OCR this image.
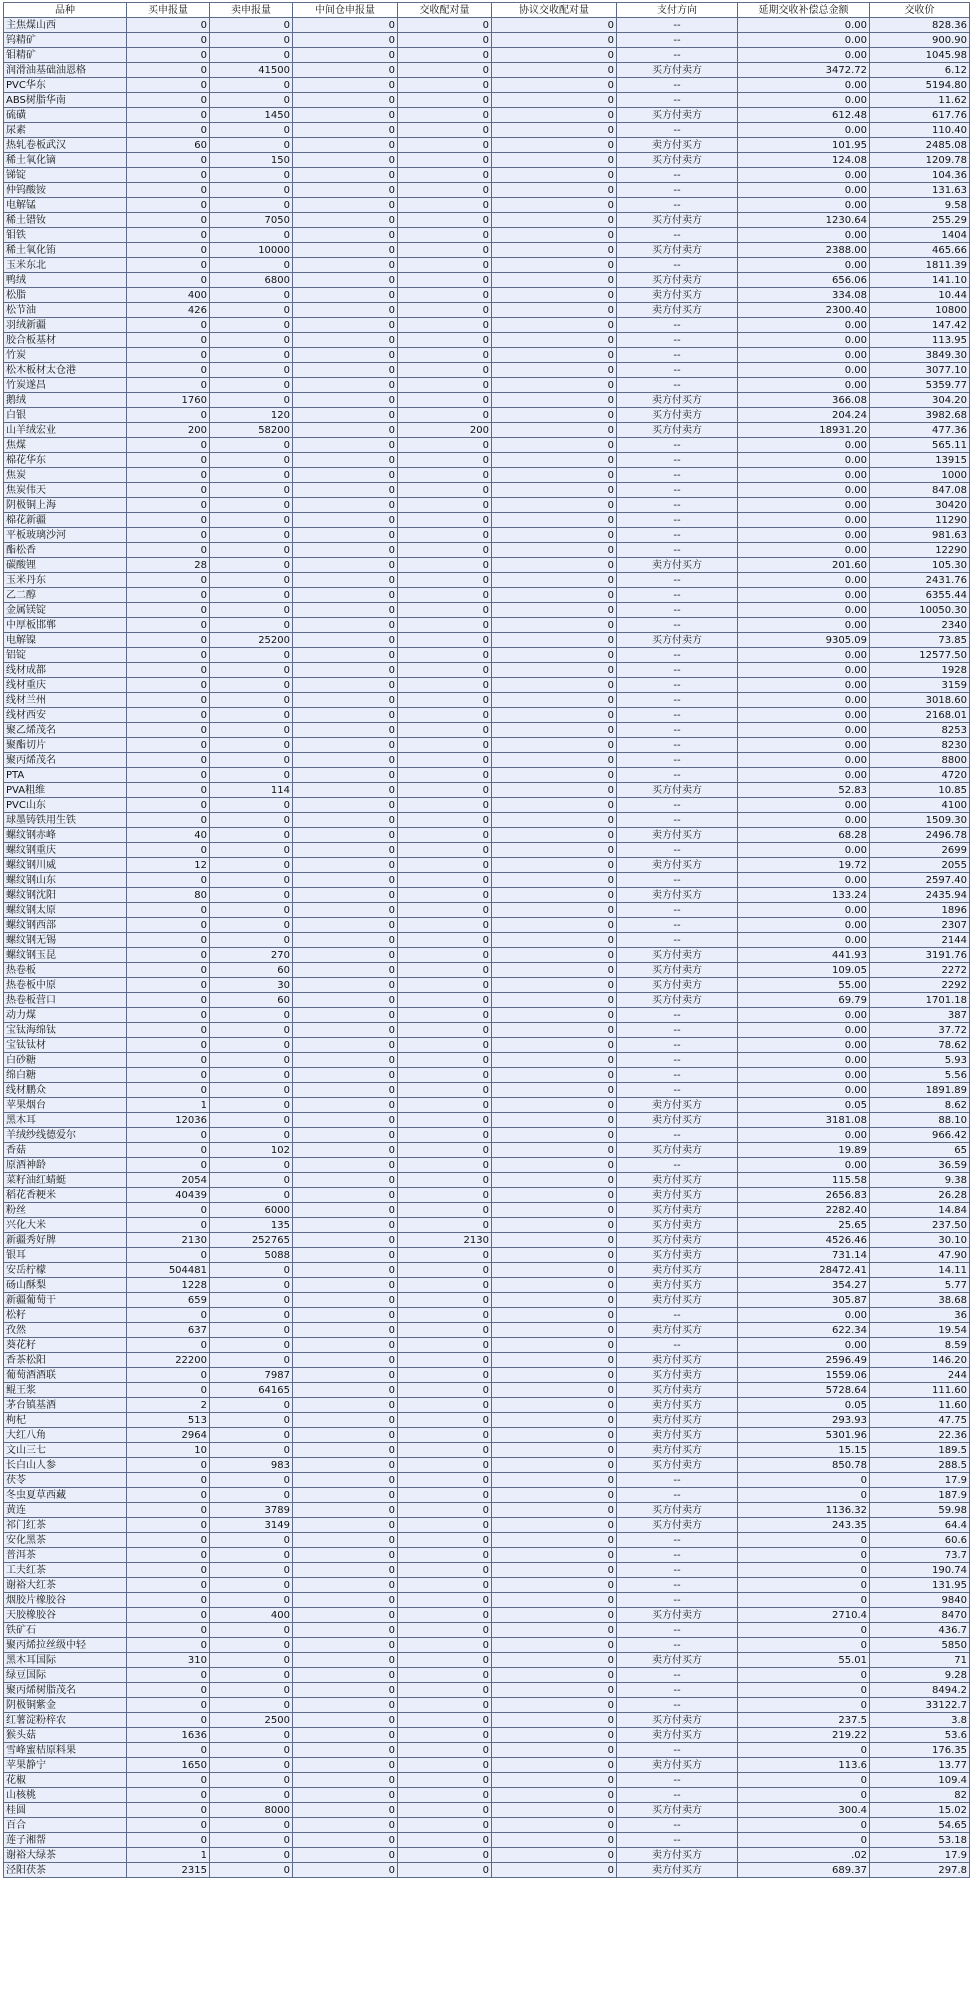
品种	买申报量	卖申报量	中间仓申报量	交收配对量	协议交收配对量	支付方向	延期交收补偿总金额	交收价
主焦煤山西	0	0	0	0	0	--	0.00	828.36
钨精矿	0	0	0	0	0	--	0.00	900.90
钼精矿	0	0	0	0	0	--	0.00	1045.98
润滑油基础油恩格	0	41500	0	0	0	买方付卖方	3472.72	6.12
PVC华东	0	0	0	0	0	--	0.00	5194.80
ABS树脂华南	0	0	0	0	0	--	0.00	11.62
硫磺	0	1450	0	0	0	买方付卖方	612.48	617.76
尿素	0	0	0	0	0	--	0.00	110.40
热轧卷板武汉	60	0	0	0	0	卖方付买方	101.95	2485.08
稀土氧化镝	0	150	0	0	0	买方付卖方	124.08	1209.78
锑锭	0	0	0	0	0	--	0.00	104.36
仲钨酸铵	0	0	0	0	0	--	0.00	131.63
电解锰	0	0	0	0	0	--	0.00	9.58
稀土镨钕	0	7050	0	0	0	买方付卖方	1230.64	255.29
钼铁	0	0	0	0	0	--	0.00	1404
稀土氧化铕	0	10000	0	0	0	买方付卖方	2388.00	465.66
玉米东北	0	0	0	0	0	--	0.00	1811.39
鸭绒	0	6800	0	0	0	买方付卖方	656.06	141.10
松脂	400	0	0	0	0	卖方付买方	334.08	10.44
松节油	426	0	0	0	0	卖方付买方	2300.40	10800
羽绒新疆	0	0	0	0	0	--	0.00	147.42
胶合板基材	0	0	0	0	0	--	0.00	113.95
竹炭	0	0	0	0	0	--	0.00	3849.30
松木板材太仓港	0	0	0	0	0	--	0.00	3077.10
竹炭遂昌	0	0	0	0	0	--	0.00	5359.77
鹅绒	1760	0	0	0	0	卖方付买方	366.08	304.20
白银	0	120	0	0	0	买方付卖方	204.24	3982.68
山羊绒宏业	200	58200	0	200	0	买方付卖方	18931.20	477.36
焦煤	0	0	0	0	0	--	0.00	565.11
棉花华东	0	0	0	0	0	--	0.00	13915
焦炭	0	0	0	0	0	--	0.00	1000
焦炭伟天	0	0	0	0	0	--	0.00	847.08
阴极铜上海	0	0	0	0	0	--	0.00	30420
棉花新疆	0	0	0	0	0	--	0.00	11290
平板玻璃沙河	0	0	0	0	0	--	0.00	981.63
酯松香	0	0	0	0	0	--	0.00	12290
碳酸锂	28	0	0	0	0	卖方付买方	201.60	105.30
玉米丹东	0	0	0	0	0	--	0.00	2431.76
乙二醇	0	0	0	0	0	--	0.00	6355.44
金属镁锭	0	0	0	0	0	--	0.00	10050.30
中厚板邯郸	0	0	0	0	0	--	0.00	2340
电解镍	0	25200	0	0	0	买方付卖方	9305.09	73.85
铝锭	0	0	0	0	0	--	0.00	12577.50
线材成都	0	0	0	0	0	--	0.00	1928
线材重庆	0	0	0	0	0	--	0.00	3159
线材兰州	0	0	0	0	0	--	0.00	3018.60
线材西安	0	0	0	0	0	--	0.00	2168.01
聚乙烯茂名	0	0	0	0	0	--	0.00	8253
聚酯切片	0	0	0	0	0	--	0.00	8230
聚丙烯茂名	0	0	0	0	0	--	0.00	8800
PTA	0	0	0	0	0	--	0.00	4720
PVA粗维	0	114	0	0	0	买方付卖方	52.83	10.85
PVC山东	0	0	0	0	0	--	0.00	4100
球墨铸铁用生铁	0	0	0	0	0	--	0.00	1509.30
螺纹钢赤峰	40	0	0	0	0	卖方付买方	68.28	2496.78
螺纹钢重庆	0	0	0	0	0	--	0.00	2699
螺纹钢川威	12	0	0	0	0	卖方付买方	19.72	2055
螺纹钢山东	0	0	0	0	0	--	0.00	2597.40
螺纹钢沈阳	80	0	0	0	0	卖方付买方	133.24	2435.94
螺纹钢太原	0	0	0	0	0	--	0.00	1896
螺纹钢西部	0	0	0	0	0	--	0.00	2307
螺纹钢无锡	0	0	0	0	0	--	0.00	2144
螺纹钢玉昆	0	270	0	0	0	买方付卖方	441.93	3191.76
热卷板	0	60	0	0	0	买方付卖方	109.05	2272
热卷板中原	0	30	0	0	0	买方付卖方	55.00	2292
热卷板营口	0	60	0	0	0	买方付卖方	69.79	1701.18
动力煤	0	0	0	0	0	--	0.00	387
宝钛海绵钛	0	0	0	0	0	--	0.00	37.72
宝钛钛材	0	0	0	0	0	--	0.00	78.62
白砂糖	0	0	0	0	0	--	0.00	5.93
绵白糖	0	0	0	0	0	--	0.00	5.56
线材鹏众	0	0	0	0	0	--	0.00	1891.89
苹果烟台	1	0	0	0	0	卖方付买方	0.05	8.62
黑木耳	12036	0	0	0	0	卖方付买方	3181.08	88.10
羊绒纱线德爱尔	0	0	0	0	0	--	0.00	966.42
香菇	0	102	0	0	0	买方付卖方	19.89	65
原酒神龄	0	0	0	0	0	--	0.00	36.59
菜籽油红蜻蜓	2054	0	0	0	0	卖方付买方	115.58	9.38
稻花香粳米	40439	0	0	0	0	卖方付买方	2656.83	26.28
粉丝	0	6000	0	0	0	买方付卖方	2282.40	14.84
兴化大米	0	135	0	0	0	买方付卖方	25.65	237.50
新疆秀好牌	2130	252765	0	2130	0	买方付卖方	4526.46	30.10
银耳	0	5088	0	0	0	买方付卖方	731.14	47.90
安岳柠檬	504481	0	0	0	0	卖方付买方	28472.41	14.11
砀山酥梨	1228	0	0	0	0	卖方付买方	354.27	5.77
新疆葡萄干	659	0	0	0	0	卖方付买方	305.87	38.68
松籽	0	0	0	0	0	--	0.00	36
孜然	637	0	0	0	0	卖方付买方	622.34	19.54
葵花籽	0	0	0	0	0	--	0.00	8.59
香茶松阳	22200	0	0	0	0	卖方付买方	2596.49	146.20
葡萄酒酒联	0	7987	0	0	0	买方付卖方	1559.06	244
鲲王浆	0	64165	0	0	0	买方付卖方	5728.64	111.60
茅台镇基酒	2	0	0	0	0	卖方付买方	0.05	11.60
枸杞	513	0	0	0	0	卖方付买方	293.93	47.75
大红八角	2964	0	0	0	0	卖方付买方	5301.96	22.36
文山三七	10	0	0	0	0	卖方付买方	15.15	189.5
长白山人参	0	983	0	0	0	买方付卖方	850.78	288.5
茯苓	0	0	0	0	0	--	0	17.9
冬虫夏草西藏	0	0	0	0	0	--	0	187.9
黄连	0	3789	0	0	0	买方付卖方	1136.32	59.98
祁门红茶	0	3149	0	0	0	买方付卖方	243.35	64.4
安化黑茶	0	0	0	0	0	--	0	60.6
普洱茶	0	0	0	0	0	--	0	73.7
工夫红茶	0	0	0	0	0	--	0	190.74
谢裕大红茶	0	0	0	0	0	--	0	131.95
烟胶片橡胶谷	0	0	0	0	0	--	0	9840
天胶橡胶谷	0	400	0	0	0	买方付卖方	2710.4	8470
铁矿石	0	0	0	0	0	--	0	436.7
聚丙烯拉丝级中轻	0	0	0	0	0	--	0	5850
黑木耳国际	310	0	0	0	0	卖方付买方	55.01	71
绿豆国际	0	0	0	0	0	--	0	9.28
聚丙烯树脂茂名	0	0	0	0	0	--	0	8494.2
阴极铜紫金	0	0	0	0	0	--	0	33122.7
红薯淀粉梓农	0	2500	0	0	0	买方付卖方	237.5	3.8
猴头菇	1636	0	0	0	0	卖方付买方	219.22	53.6
雪峰蜜桔原料果	0	0	0	0	0	--	0	176.35
苹果静宁	1650	0	0	0	0	卖方付买方	113.6	13.77
花椒	0	0	0	0	0	--	0	109.4
山核桃	0	0	0	0	0	--	0	82
桂圆	0	8000	0	0	0	买方付卖方	300.4	15.02
百合	0	0	0	0	0	--	0	54.65
莲子湘帮	0	0	0	0	0	--	0	53.18
谢裕大绿茶	1	0	0	0	0	卖方付买方	.02	17.9
泾阳茯茶	2315	0	0	0	0	卖方付买方	689.37	297.8
